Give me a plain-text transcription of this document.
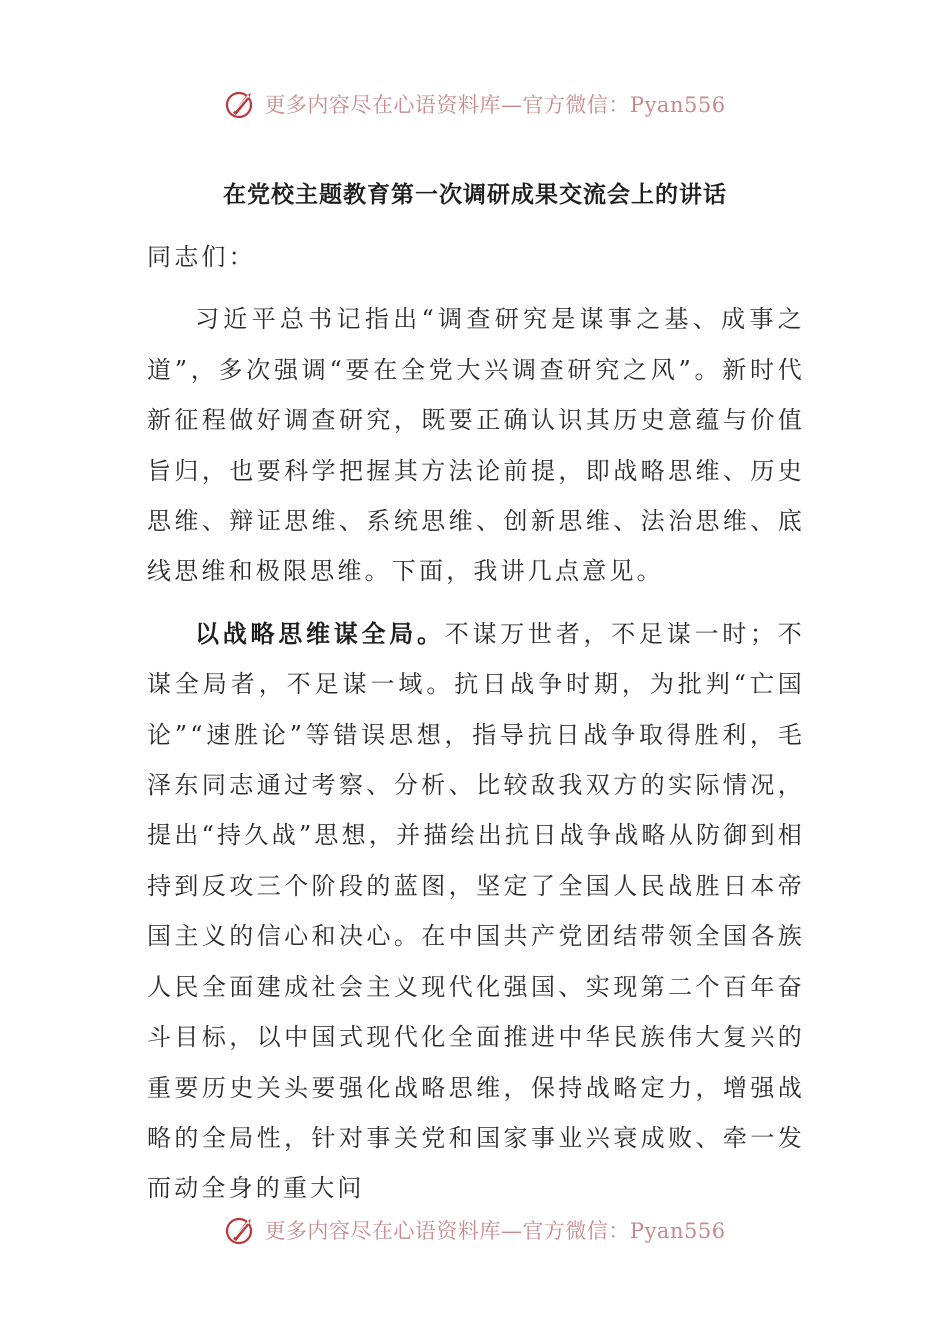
更多内容尽在心语资料库—官方微信：Pyan556
在党校主题教育第一次调研成果交流会上的讲话

同志们：

习近平总书记指出“调查研究是谋事之基、成事之道”，多次强调“要在全党大兴调查研究之风”。新时代新征程做好调查研究，既要正确认识其历史意蕴与价值旨归，也要科学把握其方法论前提，即战略思维、历史思维、辩证思维、系统思维、创新思维、法治思维、底线思维和极限思维。下面，我讲几点意见。

以战略思维谋全局。不谋万世者，不足谋一时；不谋全局者，不足谋一域。抗日战争时期，为批判“亡国论”“速胜论”等错误思想，指导抗日战争取得胜利，毛泽东同志通过考察、分析、比较敌我双方的实际情况，提出“持久战”思想，并描绘出抗日战争战略从防御到相持到反攻三个阶段的蓝图，坚定了全国人民战胜日本帝国主义的信心和决心。在中国共产党团结带领全国各族人民全面建成社会主义现代化强国、实现第二个百年奋斗目标，以中国式现代化全面推进中华民族伟大复兴的重要历史关头要强化战略思维，保持战略定力，增强战略的全局性，针对事关党和国家事业兴衰成败、牵一发而动全身的重大问

更多内容尽在心语资料库—官方微信：Pyan556
